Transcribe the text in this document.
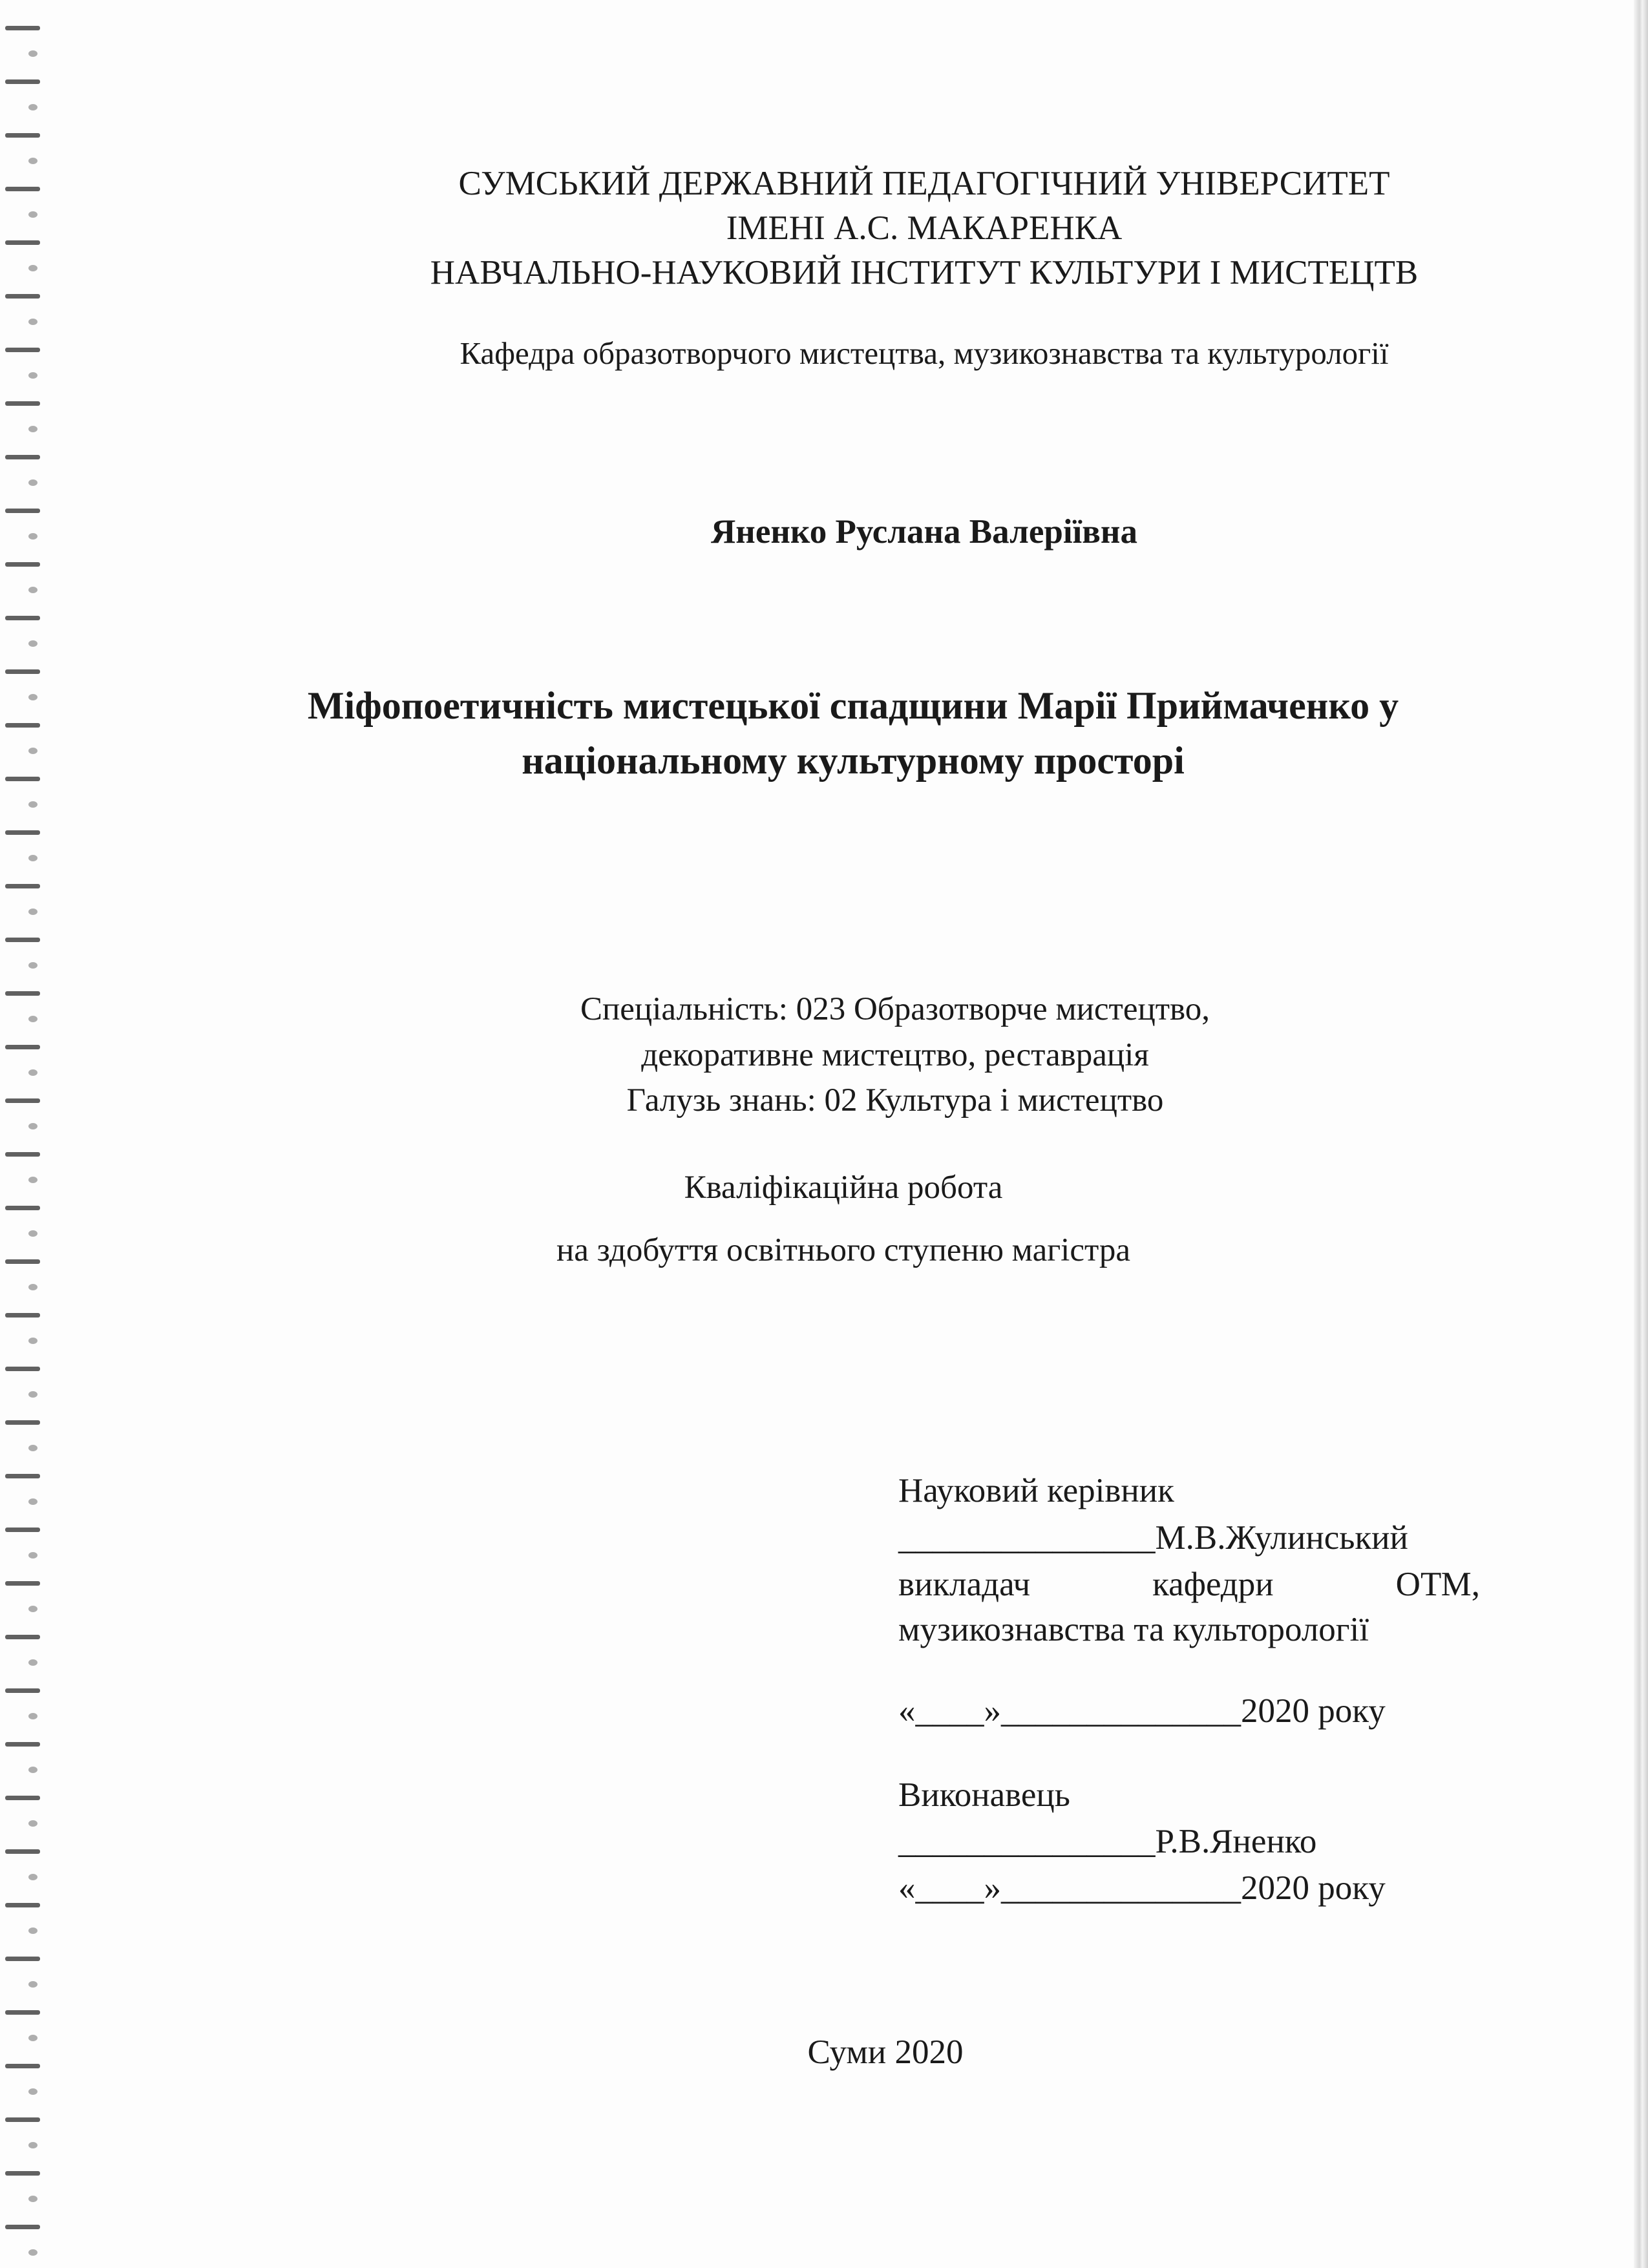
СУМСЬКИЙ ДЕРЖАВНИЙ ПЕДАГОГІЧНИЙ УНІВЕРСИТЕТ
ІМЕНІ А.С. МАКАРЕНКА
НАВЧАЛЬНО-НАУКОВИЙ ІНСТИТУТ КУЛЬТУРИ І МИСТЕЦТВ
Кафедра образотворчого мистецтва, музикознавства та культурології
Яненко Руслана Валеріївна
Міфопоетичність мистецької спадщини Марії Приймаченко у
національному культурному просторі
Спеціальність: 023 Образотворче мистецтво,
декоративне мистецтво, реставрація
Галузь знань: 02 Культура і мистецтво
Кваліфікаційна робота
на здобуття освітнього ступеню магістра
Науковий керівник
_______________М.В.Жулинський
викладач	кафедри	ОТМ,
музикознавства та культорології
«____»______________2020 року
Виконавець
_______________Р.В.Яненко
«____»______________2020 року
Суми 2020
